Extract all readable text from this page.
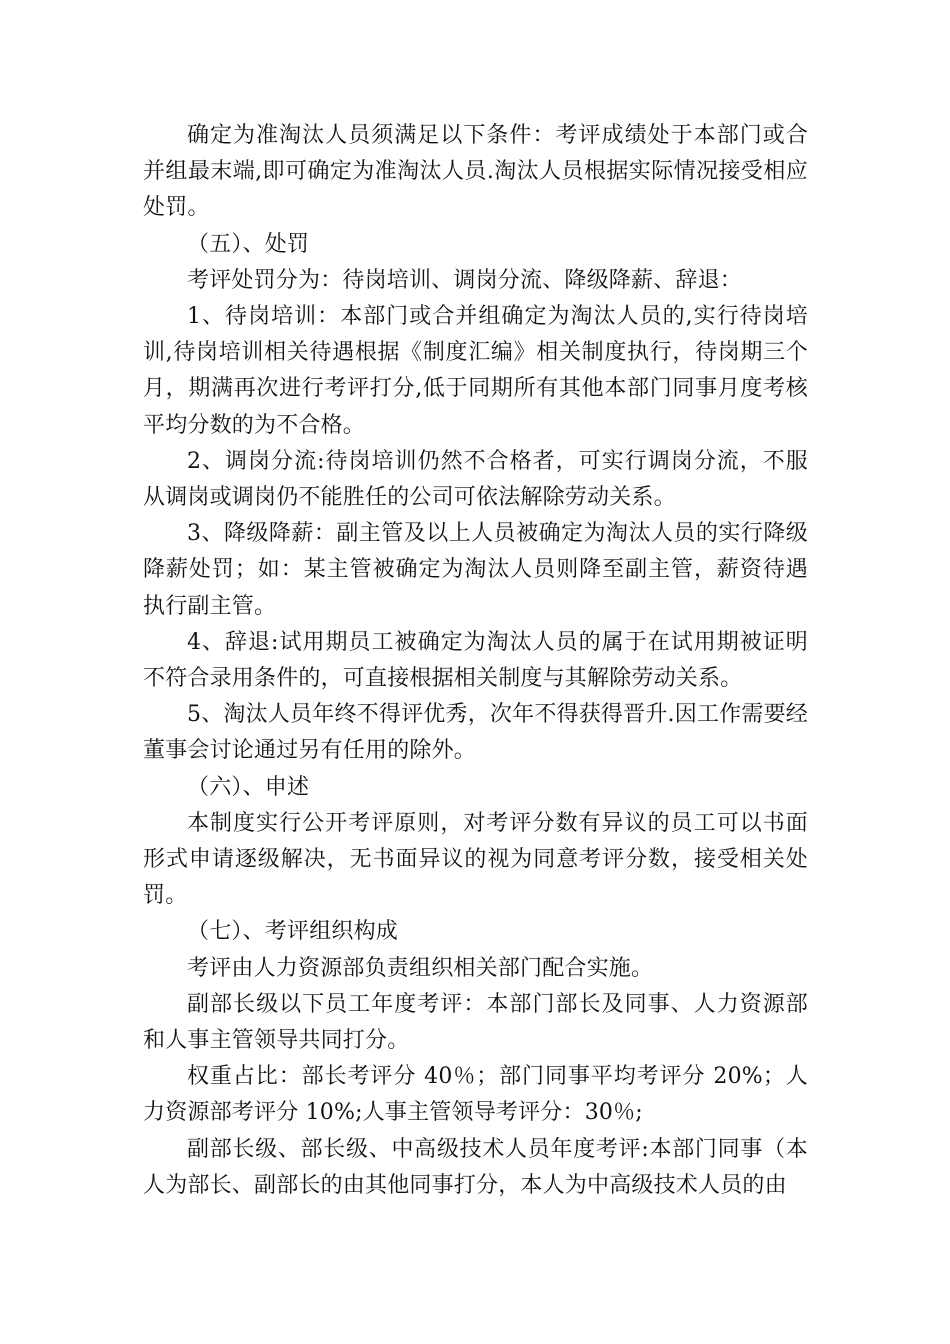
确定为准淘汰人员须满足以下条件：考评成绩处于本部门或合并组最末端,即可确定为准淘汰人员.淘汰人员根据实际情况接受相应处罚。

（五）、处罚

考评处罚分为：待岗培训、调岗分流、降级降薪、辞退：

1、待岗培训：本部门或合并组确定为淘汰人员的,实行待岗培训,待岗培训相关待遇根据《制度汇编》相关制度执行，待岗期三个月，期满再次进行考评打分,低于同期所有其他本部门同事月度考核平均分数的为不合格。

2、调岗分流:待岗培训仍然不合格者，可实行调岗分流，不服从调岗或调岗仍不能胜任的公司可依法解除劳动关系。

3、降级降薪：副主管及以上人员被确定为淘汰人员的实行降级降薪处罚；如：某主管被确定为淘汰人员则降至副主管，薪资待遇执行副主管。

4、辞退:试用期员工被确定为淘汰人员的属于在试用期被证明不符合录用条件的，可直接根据相关制度与其解除劳动关系。

5、淘汰人员年终不得评优秀，次年不得获得晋升.因工作需要经董事会讨论通过另有任用的除外。

（六）、申述

本制度实行公开考评原则，对考评分数有异议的员工可以书面形式申请逐级解决，无书面异议的视为同意考评分数，接受相关处罚。

（七）、考评组织构成

考评由人力资源部负责组织相关部门配合实施。

副部长级以下员工年度考评：本部门部长及同事、人力资源部和人事主管领导共同打分。

权重占比：部长考评分 40％；部门同事平均考评分 20%；人力资源部考评分 10%;人事主管领导考评分：30％;

副部长级、部长级、中高级技术人员年度考评:本部门同事（本人为部长、副部长的由其他同事打分，本人为中高级技术人员的由
